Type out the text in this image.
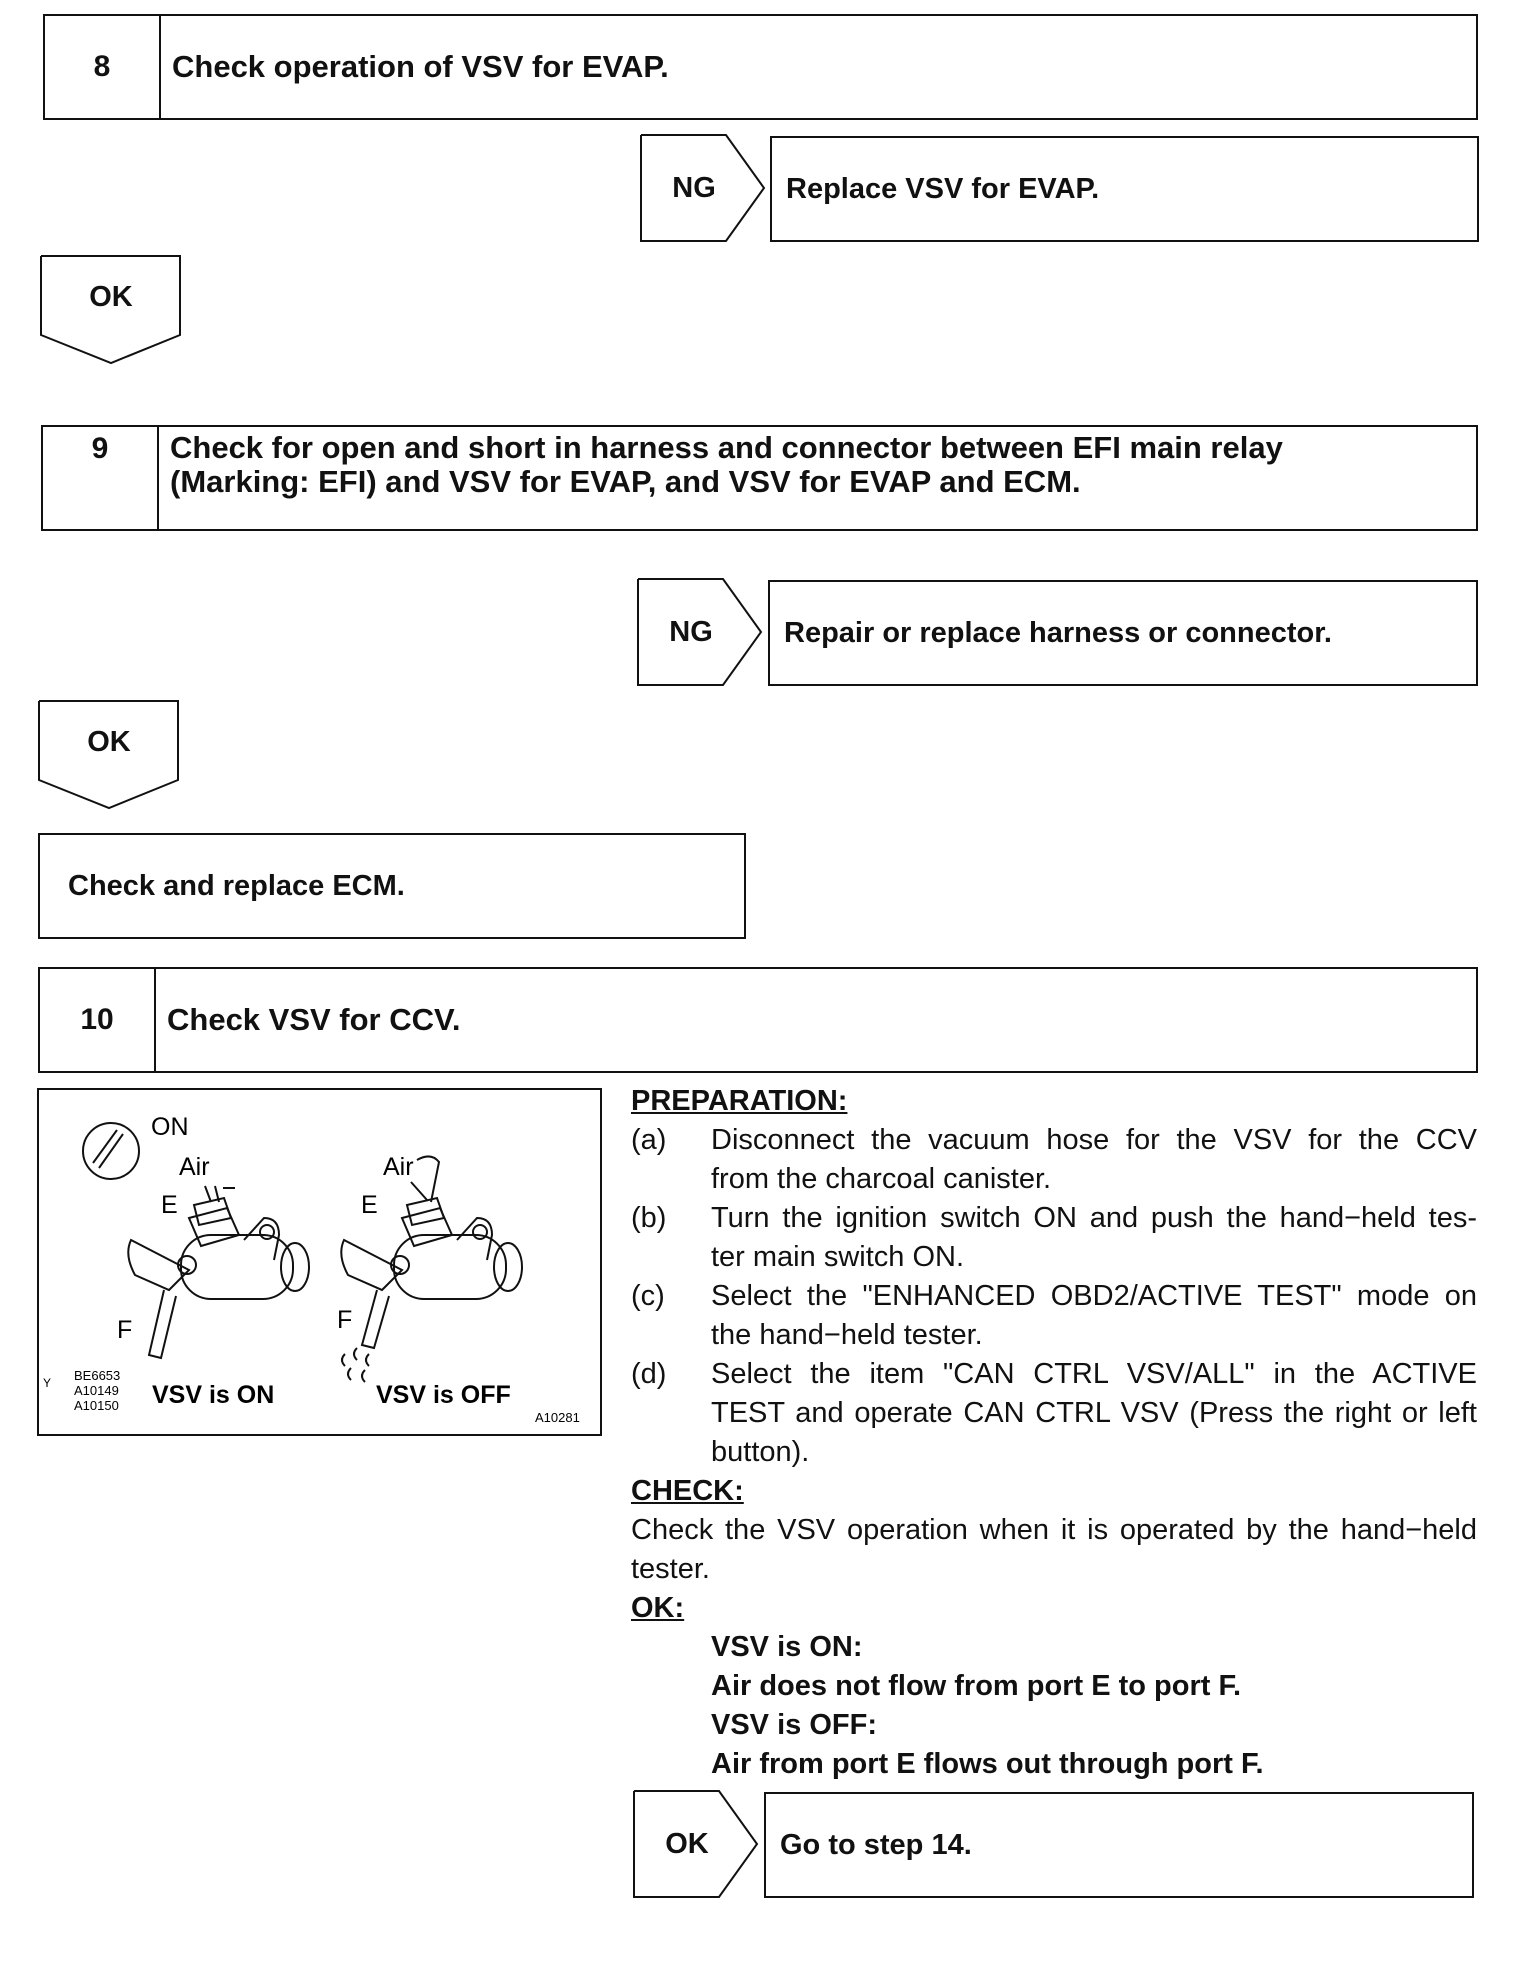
8	Check operation of VSV for EVAP.
NG	Replace VSV for EVAP.
OK
9 Check for open and short in harness and connector between EFI main relay
(Marking: EFI) and VSV for EVAP, and VSV for EVAP and ECM.
NG	Repair or replace harness or connector.
OK
Check and replace ECM.
10	Check VSV for CCV.
ON
Air
E
F
Air
E
F
Y BE6653
A10149
A10150 VSV is ON	VSV is OFF
A10281
PREPARATION:
(a) Disconnect the vacuum hose for the VSV for the CCV
from the charcoal canister.
(b) Turn the ignition switch ON and push the hand−held tes-
ter main switch ON.
(c) Select the "ENHANCED OBD2/ACTIVE TEST" mode on
the hand−held tester.
(d) Select the item "CAN CTRL VSV/ALL" in the ACTIVE
TEST and operate CAN CTRL VSV (Press the right or left
button).
CHECK:
Check the VSV operation when it is operated by the hand−held
tester.
OK:
VSV is ON:
Air does not flow from port E to port F.
VSV is OFF:
Air from port E flows out through port F.
OK	Go to step 14.
